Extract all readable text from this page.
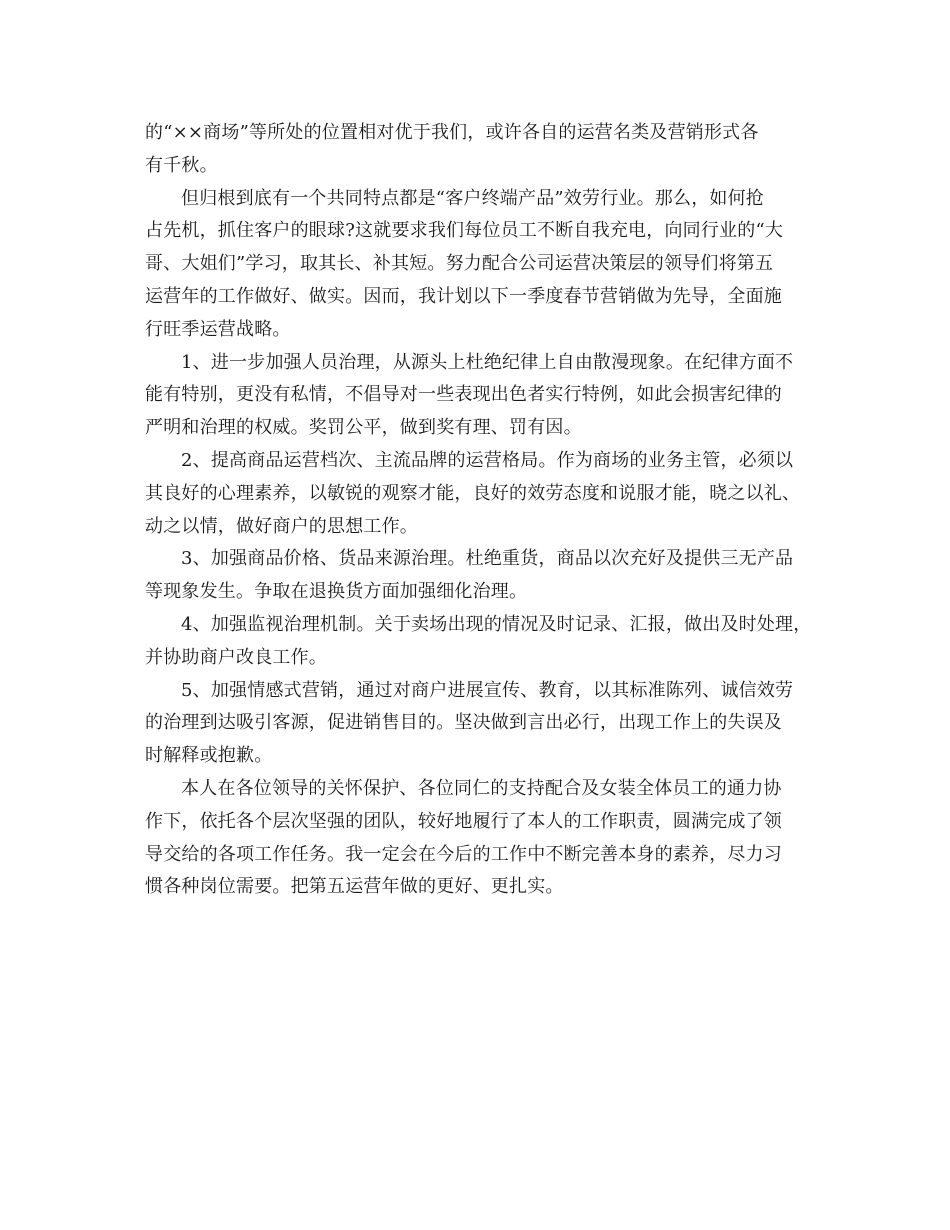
的“××商场”等所处的位置相对优于我们，或许各自的运营名类及营销形式各
有千秋。
但归根到底有一个共同特点都是“客户终端产品”效劳行业。那么，如何抢
占先机，抓住客户的眼球?这就要求我们每位员工不断自我充电，向同行业的“大
哥、大姐们”学习，取其长、补其短。努力配合公司运营决策层的领导们将第五
运营年的工作做好、做实。因而，我计划以下一季度春节营销做为先导，全面施
行旺季运营战略。
1、进一步加强人员治理，从源头上杜绝纪律上自由散漫现象。在纪律方面不
能有特别，更没有私情，不倡导对一些表现出色者实行特例，如此会损害纪律的
严明和治理的权威。奖罚公平，做到奖有理、罚有因。
2、提高商品运营档次、主流品牌的运营格局。作为商场的业务主管，必须以
其良好的心理素养，以敏锐的观察才能，良好的效劳态度和说服才能，晓之以礼、
动之以情，做好商户的思想工作。
3、加强商品价格、货品来源治理。杜绝重货，商品以次充好及提供三无产品
等现象发生。争取在退换货方面加强细化治理。
4、加强监视治理机制。关于卖场出现的情况及时记录、汇报，做出及时处理，
并协助商户改良工作。
5、加强情感式营销，通过对商户进展宣传、教育，以其标准陈列、诚信效劳
的治理到达吸引客源，促进销售目的。坚决做到言出必行，出现工作上的失误及
时解释或抱歉。
本人在各位领导的关怀保护、各位同仁的支持配合及女装全体员工的通力协
作下，依托各个层次坚强的团队，较好地履行了本人的工作职责，圆满完成了领
导交给的各项工作任务。我一定会在今后的工作中不断完善本身的素养，尽力习
惯各种岗位需要。把第五运营年做的更好、更扎实。
